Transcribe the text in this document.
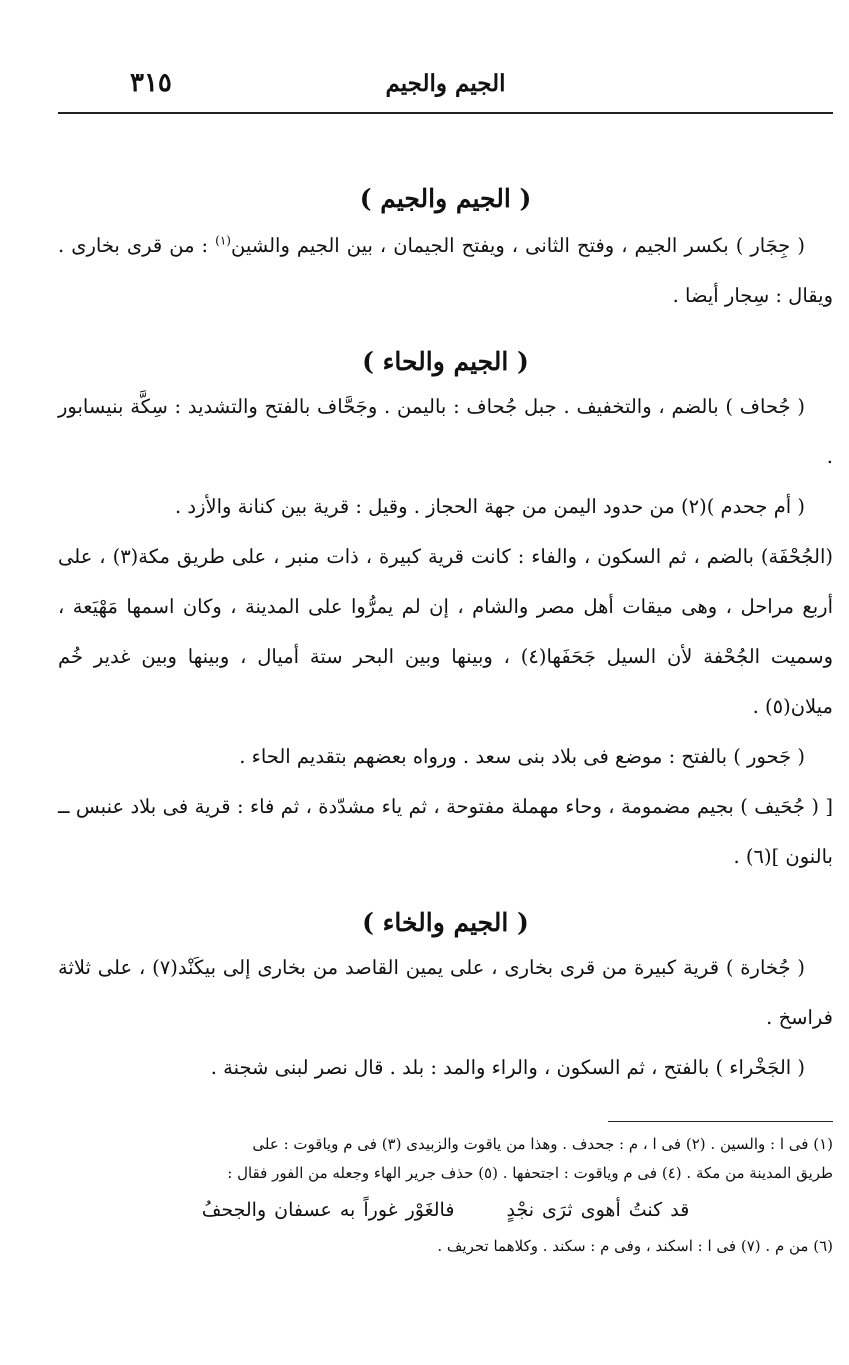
الجيم والجيم
٣١٥
( الجيم والجيم )

( جِجَار ) بكسر الجيم ، وفتح الثانى ، ويفتح الجيمان ، بين الجيم والشين$^{(١)}$ : من قرى بخارى . ويقال : سِجار أيضا .

( الجيم والحاء )

( جُحاف ) بالضم ، والتخفيف . جبل جُحاف : باليمن . وجَحَّاف بالفتح والتشديد : سِكَّة بنيسابور .

( أم جحدم )(٢) من حدود اليمن من جهة الحجاز . وقيل : قرية بين كنانة والأزد .

(الجُحْفَة) بالضم ، ثم السكون ، والفاء : كانت قرية كبيرة ، ذات منبر ، على طريق مكة(٣) ، على أربع مراحل ، وهى ميقات أهل مصر والشام ، إن لم يمرُّوا على المدينة ، وكان اسمها مَهْيَعة ، وسميت الجُحْفة لأن السيل جَحَفَها(٤) ، وبينها وبين البحر ستة أميال ، وبينها وبين غدير خُم ميلان(٥) .

( جَحور ) بالفتح : موضع فى بلاد بنى سعد . ورواه بعضهم بتقديم الحاء .

[ ( جُحَيف ) بجيم مضمومة ، وحاء مهملة مفتوحة ، ثم ياء مشدّدة ، ثم فاء : قرية فى بلاد عنبس ــ بالنون ](٦) .

( الجيم والخاء )

( جُخارة ) قرية كبيرة من قرى بخارى ، على يمين القاصد من بخارى إلى بيكَنْد(٧) ، على ثلاثة فراسخ .

( الجَخْراء ) بالفتح ، ثم السكون ، والراء والمد : بلد . قال نصر لبنى شجنة .

(١) فى ا : والسين . (٢) فى ا ، م : جحدف . وهذا من ياقوت والزبيدى (٣) فى م وياقوت : على

طريق المدينة من مكة . (٤) فى م وياقوت : اجتحفها . (٥) حذف جرير الهاء وجعله من الفور فقال :

قد كنتُ أهوى ثرَى نجْدٍ فالغَوْر غوراً به عسفان والجحفُ

(٦) من م . (٧) فى ا : اسكند ، وفى م : سكند . وكلاهما تحريف .
